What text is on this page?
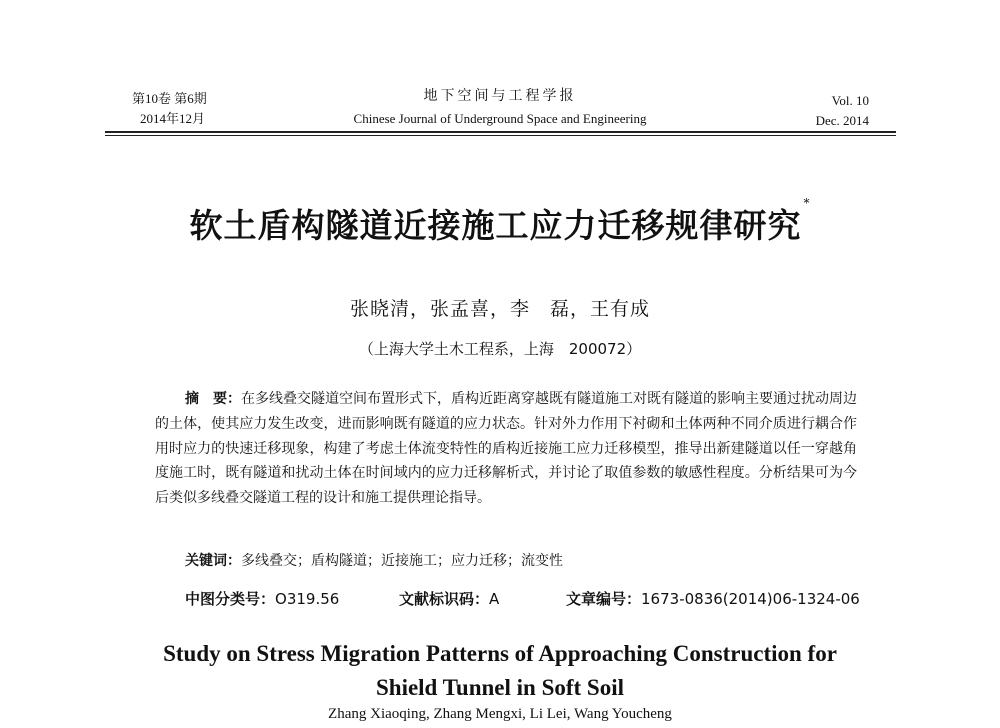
第10卷 第6期
2014年12月
地下空间与工程学报
Chinese Journal of Underground Space and Engineering
Vol. 10
Dec. 2014
软土盾构隧道近接施工应力迁移规律研究*
张晓清，张孟喜，李　磊，王有成
（上海大学土木工程系，上海　200072）

摘　要：在多线叠交隧道空间布置形式下，盾构近距离穿越既有隧道施工对既有隧道的影响主要通过扰动周边的土体，使其应力发生改变，进而影响既有隧道的应力状态。针对外力作用下衬砌和土体两种不同介质进行耦合作用时应力的快速迁移现象，构建了考虑土体流变特性的盾构近接施工应力迁移模型，推导出新建隧道以任一穿越角度施工时，既有隧道和扰动土体在时间域内的应力迁移解析式，并讨论了取值参数的敏感性程度。分析结果可为今后类似多线叠交隧道工程的设计和施工提供理论指导。

关键词：多线叠交；盾构隧道；近接施工；应力迁移；流变性
中图分类号：O319.56	文献标识码：A	文章编号：1673-0836(2014)06-1324-06
Study on Stress Migration Patterns of Approaching Construction for
Shield Tunnel in Soft Soil
Zhang Xiaoqing, Zhang Mengxi, Li Lei, Wang Youcheng
